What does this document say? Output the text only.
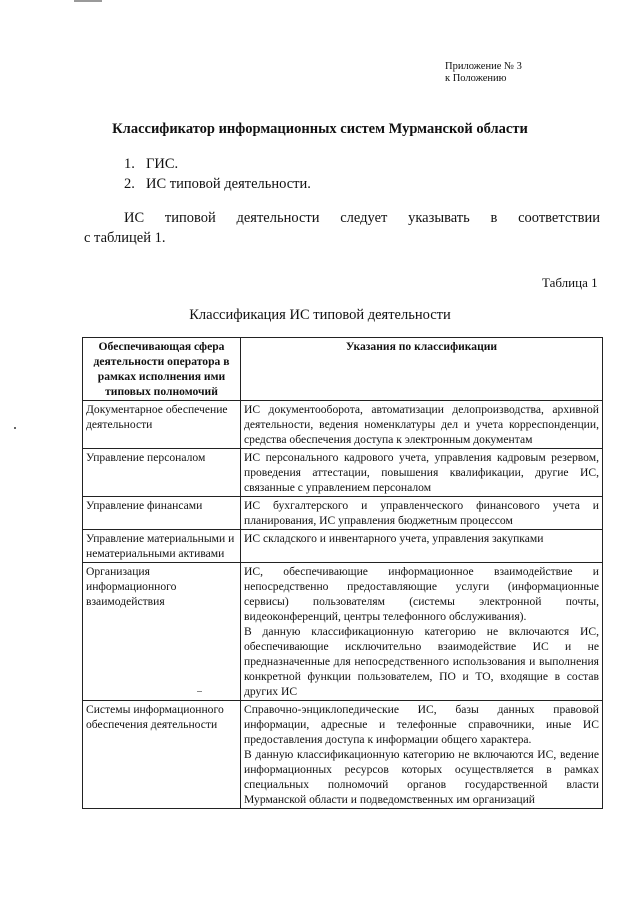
Приложение № 3
к Положению
Классификатор информационных систем Мурманской области
1. ГИС.
2. ИС типовой деятельности.

ИС типовой деятельности следует указывать в соответствии
с таблицей 1.

Таблица 1
Классификация ИС типовой деятельности
Обеспечивающая сфера деятельности оператора в рамках исполнения ими типовых полномочий	Указания по классификации
Документарное обеспечение деятельности	ИС документооборота, автоматизации делопроизводства, архивной деятельности, ведения номенклатуры дел и учета корреспонденции, средства обеспечения доступа к электронным документам

Управление персоналом	ИС персонального кадрового учета, управления кадровым резервом, проведения аттестации, повышения квалификации, другие ИС, связанные с управлением персоналом

Управление финансами	ИС бухгалтерского и управленческого финансового учета и планирования, ИС управления бюджетным процессом

Управление материальными и нематериальными активами	ИС складского и инвентарного учета, управления закупками

Организация информационного взаимодействия	ИС, обеспечивающие информационное взаимодействие и непосредственно предоставляющие услуги (информационные сервисы) пользователям (системы электронной почты, видеоконференций, центры телефонного обслуживания).
В данную классификационную категорию не включаются ИС, обеспечивающие исключительно взаимодействие ИС и не предназначенные для непосредственного использования и выполнения конкретной функции пользователем, ПО и ТО, входящие в состав других ИС

Системы информационного обеспечения деятельности	Справочно-энциклопедические ИС, базы данных правовой информации, адресные и телефонные справочники, иные ИС предоставления доступа к информации общего характера.
В данную классификационную категорию не включаются ИС, ведение информационных ресурсов которых осуществляется в рамках специальных полномочий органов государственной власти Мурманской области и подведомственных им организаций
